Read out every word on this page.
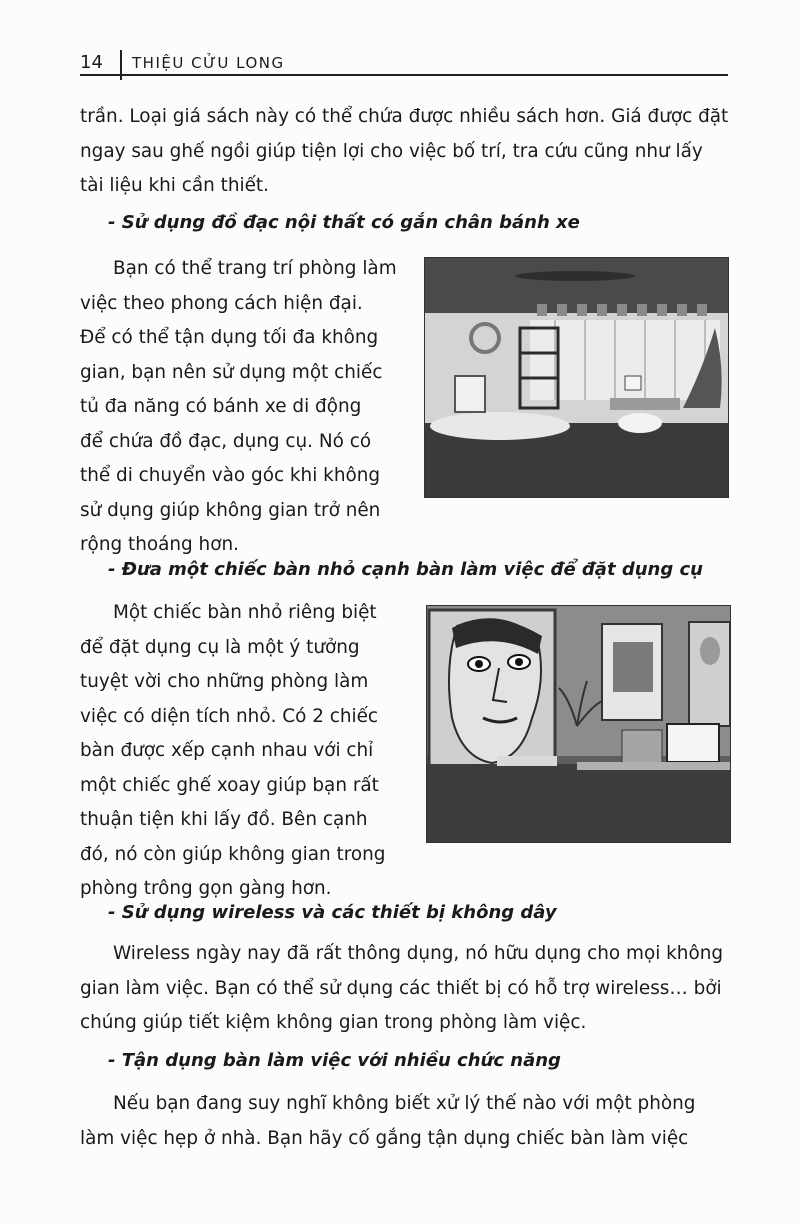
14 THIỆU CỬU LONG

trần. Loại giá sách này có thể chứa được nhiều sách hơn. Giá được đặt
ngay sau ghế ngồi giúp tiện lợi cho việc bố trí, tra cứu cũng như lấy
tài liệu khi cần thiết.

- Sử dụng đồ đạc nội thất có gắn chân bánh xe

Bạn có thể trang trí phòng làm
việc theo phong cách hiện đại.
Để có thể tận dụng tối đa không
gian, bạn nên sử dụng một chiếc
tủ đa năng có bánh xe di động
để chứa đồ đạc, dụng cụ. Nó có
thể di chuyển vào góc khi không
sử dụng giúp không gian trở nên
rộng thoáng hơn.

- Đưa một chiếc bàn nhỏ cạnh bàn làm việc để đặt dụng cụ

Một chiếc bàn nhỏ riêng biệt
để đặt dụng cụ là một ý tưởng
tuyệt vời cho những phòng làm
việc có diện tích nhỏ. Có 2 chiếc
bàn được xếp cạnh nhau với chỉ
một chiếc ghế xoay giúp bạn rất
thuận tiện khi lấy đồ. Bên cạnh
đó, nó còn giúp không gian trong
phòng trông gọn gàng hơn.

- Sử dụng wireless và các thiết bị không dây

Wireless ngày nay đã rất thông dụng, nó hữu dụng cho mọi không
gian làm việc. Bạn có thể sử dụng các thiết bị có hỗ trợ wireless… bởi
chúng giúp tiết kiệm không gian trong phòng làm việc.

- Tận dụng bàn làm việc với nhiều chức năng

Nếu bạn đang suy nghĩ không biết xử lý thế nào với một phòng
làm việc hẹp ở nhà. Bạn hãy cố gắng tận dụng chiếc bàn làm việc
